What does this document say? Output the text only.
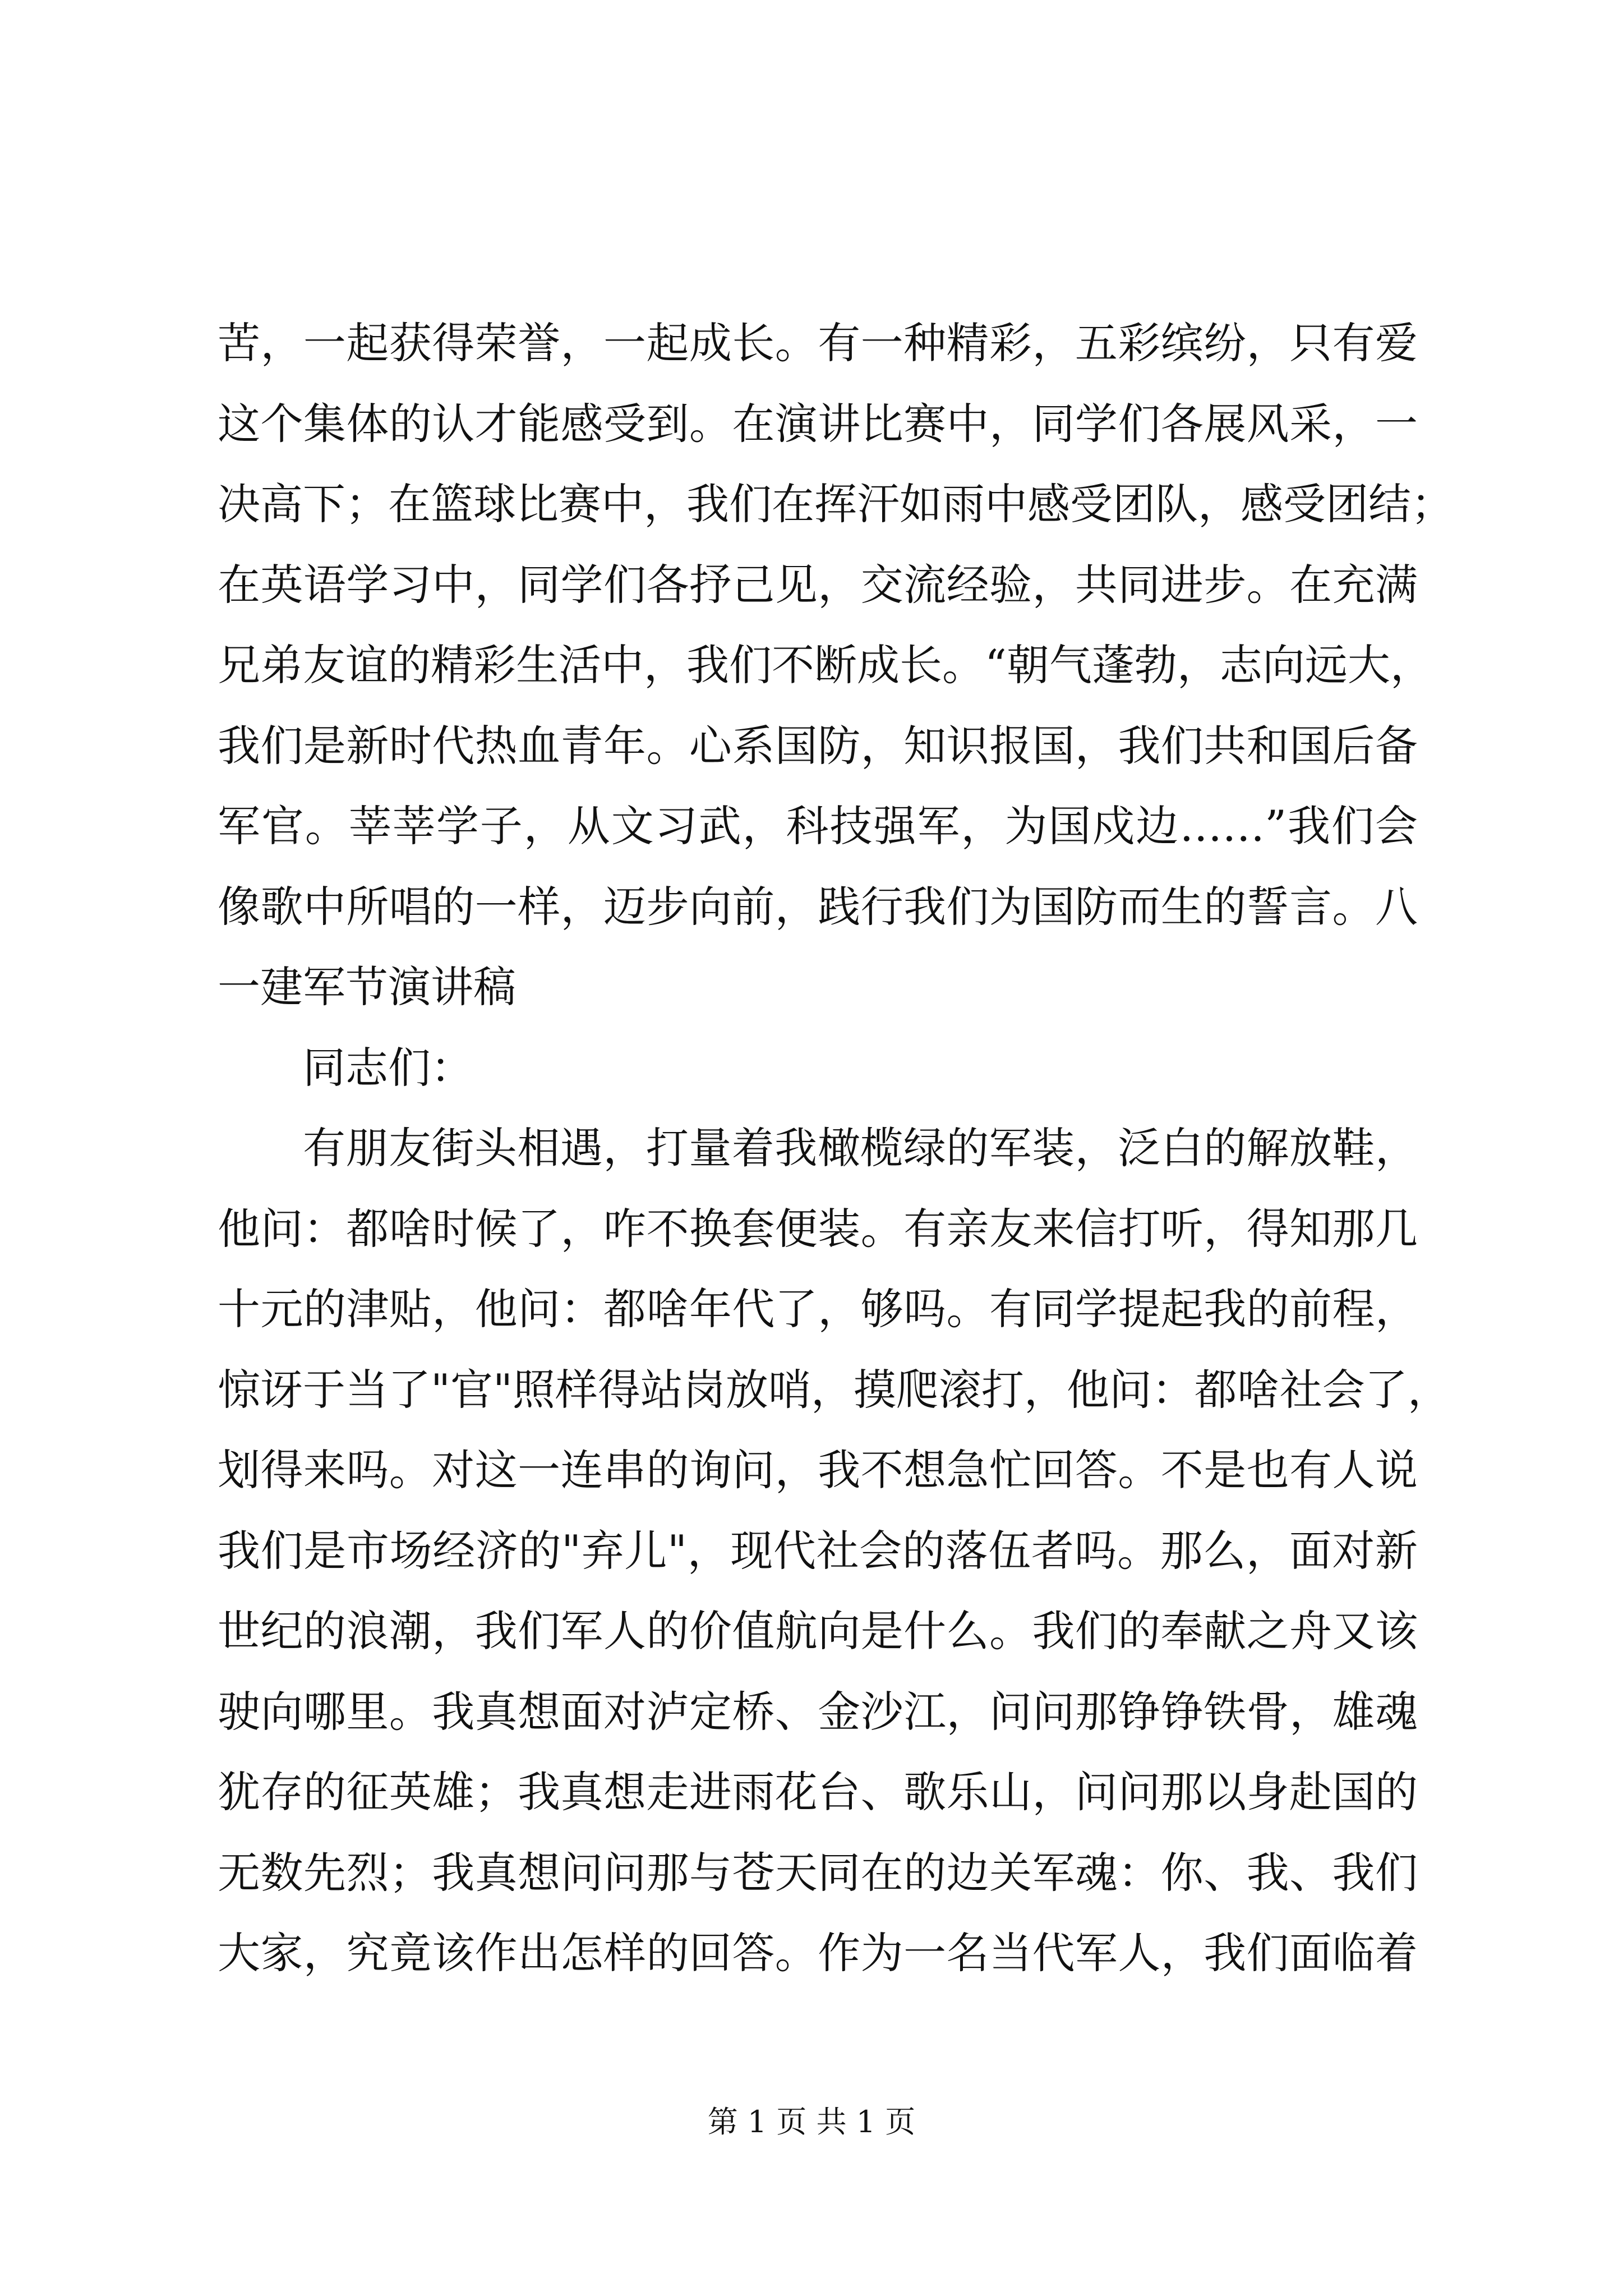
苦，一起获得荣誉，一起成长。有一种精彩，五彩缤纷，只有爱
这个集体的认才能感受到。在演讲比赛中，同学们各展风采，一
决高下；在篮球比赛中，我们在挥汗如雨中感受团队，感受团结；
在英语学习中，同学们各抒己见，交流经验，共同进步。在充满
兄弟友谊的精彩生活中，我们不断成长。“朝气蓬勃，志向远大，
我们是新时代热血青年。心系国防，知识报国，我们共和国后备
军官。莘莘学子，从文习武，科技强军，为国戍边……”我们会
像歌中所唱的一样，迈步向前，践行我们为国防而生的誓言。八
一建军节演讲稿
同志们：
有朋友街头相遇，打量着我橄榄绿的军装，泛白的解放鞋，
他问：都啥时候了，咋不换套便装。有亲友来信打听，得知那几
十元的津贴，他问：都啥年代了，够吗。有同学提起我的前程，
惊讶于当了"官"照样得站岗放哨，摸爬滚打，他问：都啥社会了，
划得来吗。对这一连串的询问，我不想急忙回答。不是也有人说
我们是市场经济的"弃儿"，现代社会的落伍者吗。那么，面对新
世纪的浪潮，我们军人的价值航向是什么。我们的奉献之舟又该
驶向哪里。我真想面对泸定桥、金沙江，问问那铮铮铁骨，雄魂
犹存的征英雄；我真想走进雨花台、歌乐山，问问那以身赴国的
无数先烈；我真想问问那与苍天同在的边关军魂：你、我、我们
大家，究竟该作出怎样的回答。作为一名当代军人，我们面临着
第 1 页 共 1 页
